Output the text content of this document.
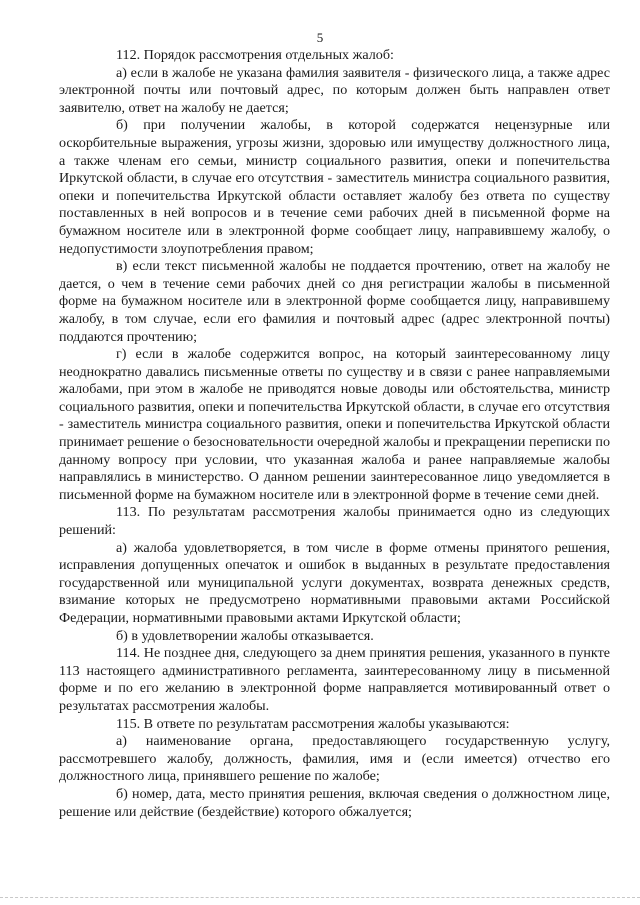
5

112. Порядок рассмотрения отдельных жалоб:

а) если в жалобе не указана фамилия заявителя - физического лица, а также адрес электронной почты или почтовый адрес, по которым должен быть направлен ответ заявителю, ответ на жалобу не дается;

б) при получении жалобы, в которой содержатся нецензурные или оскорбительные выражения, угрозы жизни, здоровью или имуществу должностного лица, а также членам его семьи, министр социального развития, опеки и попечительства Иркутской области, в случае его отсутствия - заместитель министра социального развития, опеки и попечительства Иркутской области оставляет жалобу без ответа по существу поставленных в ней вопросов и в течение семи рабочих дней в письменной форме на бумажном носителе или в электронной форме сообщает лицу, направившему жалобу, о недопустимости злоупотребления правом;

в) если текст письменной жалобы не поддается прочтению, ответ на жалобу не дается, о чем в течение семи рабочих дней со дня регистрации жалобы в письменной форме на бумажном носителе или в электронной форме сообщается лицу, направившему жалобу, в том случае, если его фамилия и почтовый адрес (адрес электронной почты) поддаются прочтению;

г) если в жалобе содержится вопрос, на который заинтересованному лицу неоднократно давались письменные ответы по существу и в связи с ранее направляемыми жалобами, при этом в жалобе не приводятся новые доводы или обстоятельства, министр социального развития, опеки и попечительства Иркутской области, в случае его отсутствия - заместитель министра социального развития, опеки и попечительства Иркутской области принимает решение о безосновательности очередной жалобы и прекращении переписки по данному вопросу при условии, что указанная жалоба и ранее направляемые жалобы направлялись в министерство. О данном решении заинтересованное лицо уведомляется в письменной форме на бумажном носителе или в электронной форме в течение семи дней.

113. По результатам рассмотрения жалобы принимается одно из следующих решений:

а) жалоба удовлетворяется, в том числе в форме отмены принятого решения, исправления допущенных опечаток и ошибок в выданных в результате предоставления государственной или муниципальной услуги документах, возврата денежных средств, взимание которых не предусмотрено нормативными правовыми актами Российской Федерации, нормативными правовыми актами Иркутской области;

б) в удовлетворении жалобы отказывается.

114. Не позднее дня, следующего за днем принятия решения, указанного в пункте 113 настоящего административного регламента, заинтересованному лицу в письменной форме и по его желанию в электронной форме направляется мотивированный ответ о результатах рассмотрения жалобы.

115. В ответе по результатам рассмотрения жалобы указываются:

а) наименование органа, предоставляющего государственную услугу, рассмотревшего жалобу, должность, фамилия, имя и (если имеется) отчество его должностного лица, принявшего решение по жалобе;

б) номер, дата, место принятия решения, включая сведения о должностном лице, решение или действие (бездействие) которого обжалуется;
